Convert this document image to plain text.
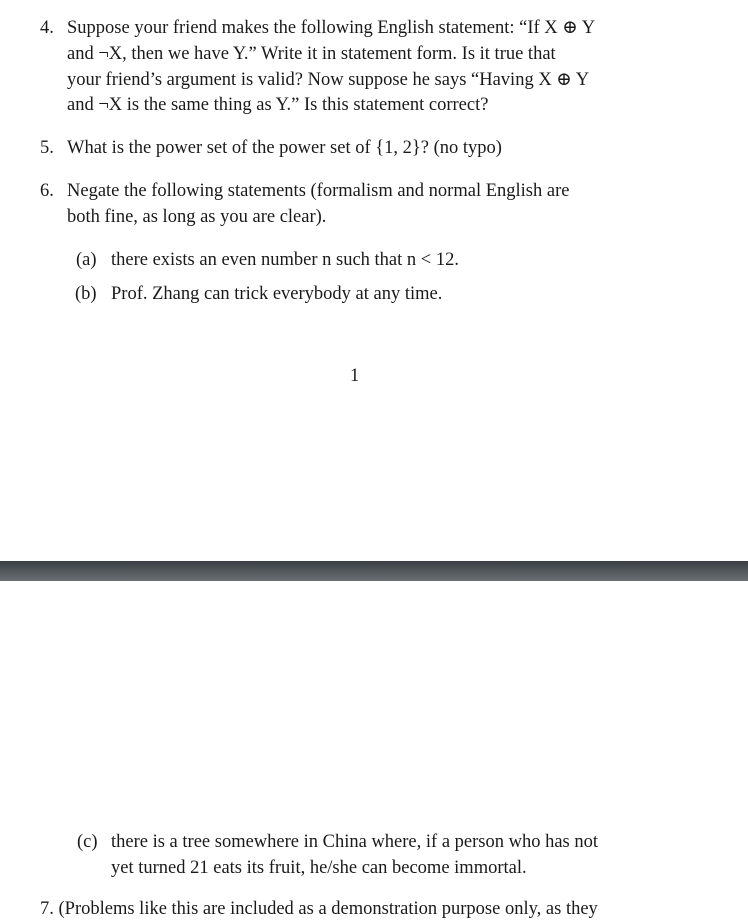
4. Suppose your friend makes the following English statement: “If X ⊕ Y
and ¬X, then we have Y.” Write it in statement form. Is it true that
your friend’s argument is valid? Now suppose he says “Having X ⊕ Y
and ¬X is the same thing as Y.” Is this statement correct?
5. What is the power set of the power set of {1, 2}? (no typo)
6. Negate the following statements (formalism and normal English are
both fine, as long as you are clear).
(a) there exists an even number n such that n < 12.
(b) Prof. Zhang can trick everybody at any time.
1
(c) there is a tree somewhere in China where, if a person who has not
yet turned 21 eats its fruit, he/she can become immortal.
7. (Problems like this are included as a demonstration purpose only, as they
